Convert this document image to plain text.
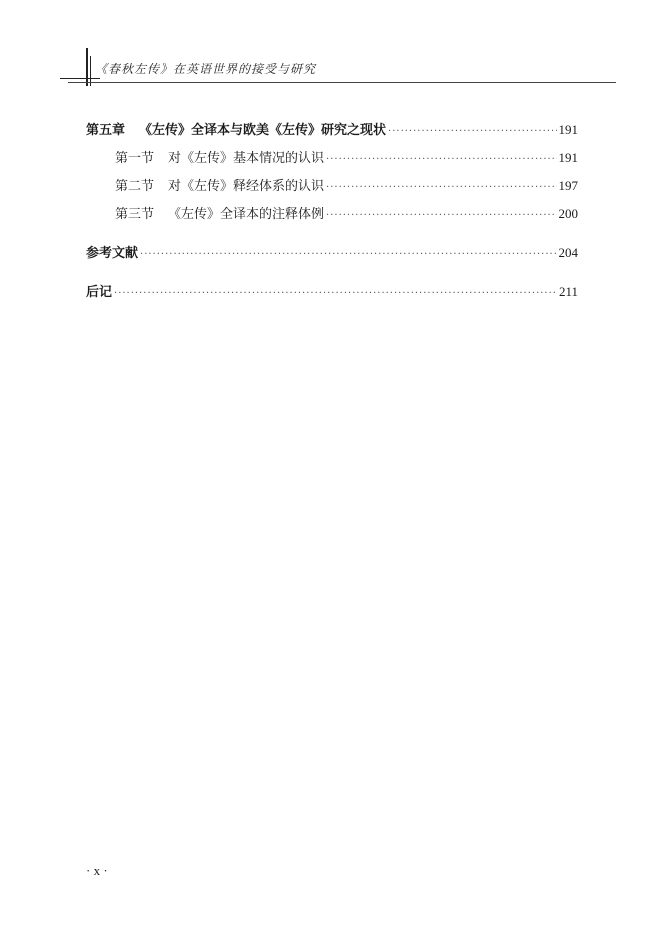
《春秋左传》在英语世界的接受与研究
第五章 《左传》全译本与欧美《左传》研究之现状 ·····	191
第一节 对《左传》基本情况的认识 ·····	191
第二节 对《左传》释经体系的认识 ·····	197
第三节 《左传》全译本的注释体例 ·····	200
参考文献 ·····	204
后记 ·····	211
· x ·
